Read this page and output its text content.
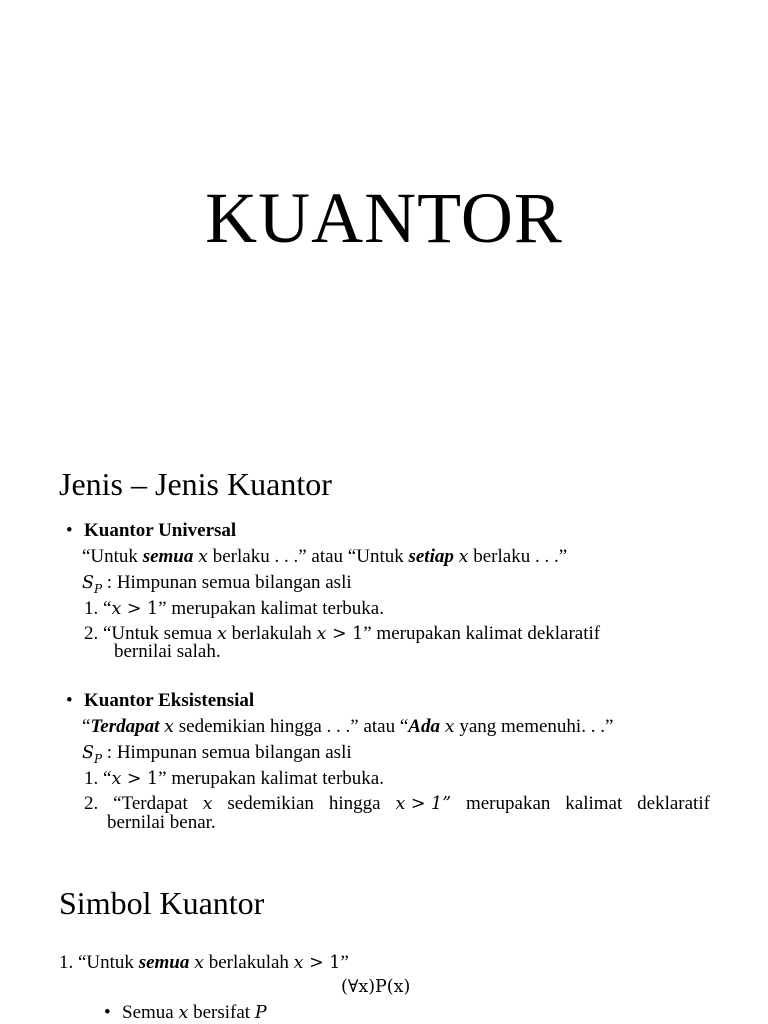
KUANTOR
Jenis – Jenis Kuantor
• Kuantor Universal
“Untuk semua x berlaku . . .” atau “Untuk setiap x berlaku . . .”
$S_P$ : Himpunan semua bilangan asli
1. “x > 1” merupakan kalimat terbuka.
2. “Untuk semua x berlakulah x > 1” merupakan kalimat deklaratif
bernilai salah.
• Kuantor Eksistensial
“Terdapat x sedemikian hingga . . .” atau “Ada x yang memenuhi. . .”
$S_P$ : Himpunan semua bilangan asli
1. “x > 1” merupakan kalimat terbuka.
2. “Terdapat x sedemikian hingga x > 1” merupakan kalimat deklaratif
bernilai benar.
Simbol Kuantor
1. “Untuk semua x berlakulah x > 1”
(∀x)P(x)
• Semua x bersifat P
